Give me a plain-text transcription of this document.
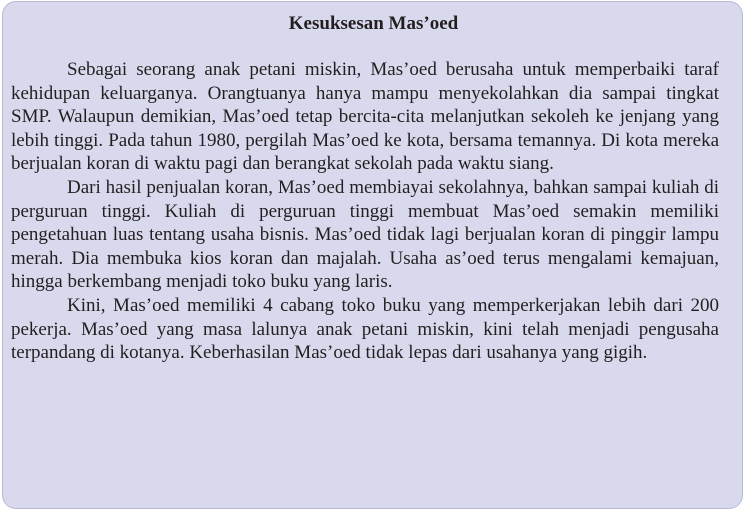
Kesuksesan Mas’oed

Sebagai seorang anak petani miskin, Mas’oed berusaha untuk memperbaiki taraf kehidupan keluarganya. Orangtuanya hanya mampu menyekolahkan dia sampai tingkat SMP. Walaupun demikian, Mas’oed tetap bercita-cita melanjutkan sekoleh ke jenjang yang lebih tinggi. Pada tahun 1980, pergilah Mas’oed ke kota, bersama temannya. Di kota mereka berjualan koran di waktu pagi dan berangkat sekolah pada waktu siang.

Dari hasil penjualan koran, Mas’oed membiayai sekolahnya, bahkan sampai kuliah di perguruan tinggi. Kuliah di perguruan tinggi membuat Mas’oed semakin memiliki pengetahuan luas tentang usaha bisnis. Mas’oed tidak lagi berjualan koran di pinggir lampu merah. Dia membuka kios koran dan majalah. Usaha as’oed terus mengalami kemajuan, hingga berkembang menjadi toko buku yang laris.

Kini, Mas’oed memiliki 4 cabang toko buku yang memperkerjakan lebih dari 200 pekerja. Mas’oed yang masa lalunya anak petani miskin, kini telah menjadi pengusaha terpandang di kotanya. Keberhasilan Mas’oed tidak lepas dari usahanya yang gigih.
